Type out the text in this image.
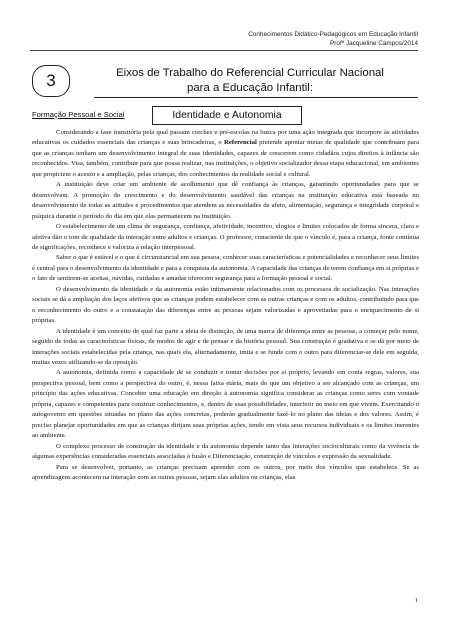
Conhecimentos Didático-Pedagógicos em Educação Infantil
Profª Jacqueline Campos/2014
3	Eixos de Trabalho do Referencial Curricular Nacional
para a Educação Infantil:
Formação Pessoal e Social	Identidade e Autonomia

Considerando a fase transitória pela qual passam creches e pré-escolas na busca por uma ação integrada que incorpore às atividades educativas os cuidados essenciais das crianças e suas brincadeiras, o Referencial pretende apontar metas de qualidade que contribuam para que as crianças tenham um desenvolvimento integral de suas identidades, capazes de crescerem como cidadãos cujos direitos à infância são reconhecidos. Visa, também, contribuir para que possa realizar, nas instituições, o objetivo socializador dessa etapa educacional, em ambientes que propiciem o acesso e a ampliação, pelas crianças, dos conhecimentos da realidade social e cultural.

A instituição deve criar um ambiente de acolhimento que dê confiança às crianças, garantindo oportunidades para que se desenvolvam. A promoção do crescimento e do desenvolvimento saudável das crianças na instituição educativa está baseada no desenvolvimento de todas as atitudes e procedimentos que atendem as necessidades de afeto, alimentação, segurança e integridade corporal e psíquica durante o período do dia em que elas permanecem na instituição.

O estabelecimento de um clima de segurança, confiança, afetividade, incentivo, elogios e limites colocados de forma sincera, clara e afetiva dão o tom de qualidade da interação entre adultos e crianças. O professor, consciente de que o vínculo é, para a criança, fonte contínua de significações, reconhece e valoriza a relação interpessoal.

Saber o que é estável e o que é circunstancial em sua pessoa, conhecer suas características e potencialidades e reconhecer seus limites é central para o desenvolvimento da identidade e para a conquista da autonomia. A capacidade das crianças de terem confiança em si próprias e o fato de sentirem-se aceitas, ouvidas, cuidadas e amadas oferecem segurança para a formação pessoal e social.

O desenvolvimento da identidade e da autonomia estão intimamente relacionados com os processos de socialização. Nas interações sociais se dá a ampliação dos laços afetivos que as crianças podem estabelecer com as outras crianças e com os adultos, contribuindo para que o reconhecimento do outro e a constatação das diferenças entre as pessoas sejam valorizadas e aproveitadas para o enriquecimento de si próprias.

A identidade é um conceito do qual faz parte a ideia de distinção, de uma marca de diferença entre as pessoas, a começar pelo nome, seguido de todas as características físicas, de modos de agir e de pensar e da história pessoal. Sua construção é gradativa e se dá por meio de interações sociais estabelecidas pela criança, nas quais ela, alternadamente, imita e se funde com o outro para diferenciar-se dele em seguida, muitas vezes utilizando-se da oposição.

A autonomia, definida como a capacidade de se conduzir e tomar decisões por si próprio, levando em conta regras, valores, sua perspectiva pessoal, bem como a perspectiva do outro, é, nessa faixa etária, mais do que um objetivo a ser alcançado com as crianças, um princípio das ações educativas. Conceber uma educação em direção à autonomia significa considerar as crianças como seres com vontade própria, capazes e competentes para construir conhecimentos, e, dentro de suas possibilidades, interferir no meio em que vivem. Exercitando o autogoverno em questões situadas no plano das ações concretas, poderão gradualmente fazê-lo no plano das ideias e dos valores. Assim, é preciso planejar oportunidades em que as crianças dirijam suas próprias ações, tendo em vista seus recursos individuais e os limites inerentes ao ambiente.

O complexo processo de construção da identidade e da autonomia depende tanto das interações socioculturais como da vivência de algumas experiências consideradas essenciais associadas à fusão e Diferenciação, construção de vínculos e expressão da sexualidade.

Para se desenvolver, portanto, as crianças precisam aprender com os outros, por meio dos vínculos que estabelece. Se as aprendizagens acontecem na interação com as outras pessoas, sejam elas adultos ou crianças, elas

1
